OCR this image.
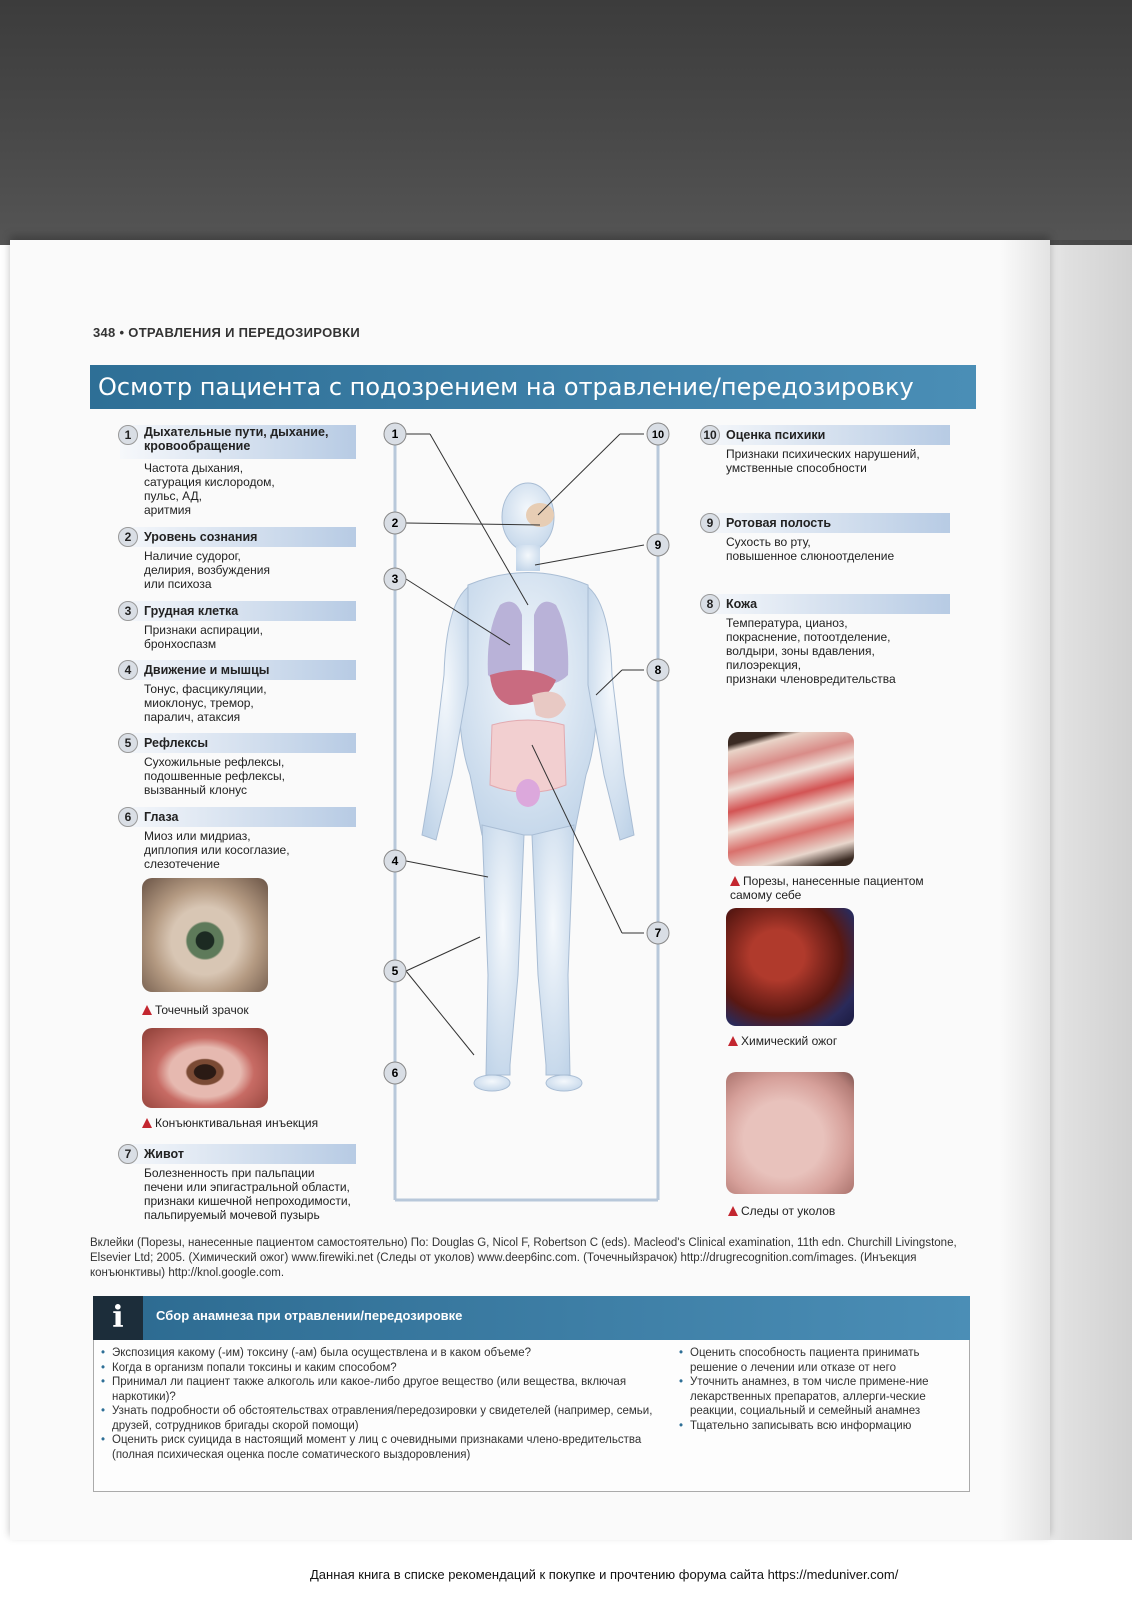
348 • ОТРАВЛЕНИЯ И ПЕРЕДОЗИРОВКИ
Осмотр пациента с подозрением на отравление/передозировку
1	Дыхательные пути, дыхание, кровообращение
Частота дыхания,
сатурация кислородом,
пульс, АД,
аритмия
2	Уровень сознания
Наличие судорог,
делирия, возбуждения
или психоза
3	Грудная клетка
Признаки аспирации,
бронхоспазм
4	Движение и мышцы
Тонус, фасцикуляции,
миоклонус, тремор,
паралич, атаксия
5	Рефлексы
Сухожильные рефлексы,
подошвенные рефлексы,
вызванный клонус
6	Глаза
Миоз или мидриаз,
диплопия или косоглазие,
слезотечение
7	Живот
Болезненность при пальпации
печени или эпигастральной области,
признаки кишечной непроходимости,
пальпируемый мочевой пузырь
10 Оценка психики
Признаки психических нарушений,
умственные способности
9	Ротовая полость
Сухость во рту,
повышенное слюноотделение
8	Кожа
Температура, цианоз,
покраснение, потоотделение,
волдыри, зоны вдавления,
пилоэрекция,
признаки членовредительства
1
2
3
4
5
6
10
9
8
7
Точечный зрачок
Конъюнктивальная инъекция
Порезы, нанесенные пациентом
самому себе
Химический ожог
Следы от уколов
Вклейки (Порезы, нанесенные пациентом самостоятельно) По: Douglas G, Nicol F, Robertson C (eds). Macleod's Clinical examination, 11th edn. Churchill Livingstone, Elsevier Ltd; 2005. (Химический ожог) www.firewiki.net (Следы от уколов) www.deep6inc.com. (Точечныйзрачок) http://drugrecognition.com/images. (Инъекция конъюнктивы) http://knol.google.com.
i	Сбор анамнеза при отравлении/передозировке
• Экспозиция какому (-им) токсину (-ам) была осуществлена и в каком объеме?
• Когда в организм попали токсины и каким способом?
• Принимал ли пациент также алкоголь или какое-либо другое вещество (или вещества, включая наркотики)?
• Узнать подробности об обстоятельствах отравления/передозировки у свидетелей (например, семьи, друзей, сотрудников бригады скорой помощи)
• Оценить риск суицида в настоящий момент у лиц с очевидными признаками члено-вредительства (полная психическая оценка после соматического выздоровления)
• Оценить способность пациента принимать решение о лечении или отказе от него
• Уточнить анамнез, в том числе примене-ние лекарственных препаратов, аллерги-ческие реакции, социальный и семейный анамнез
• Тщательно записывать всю информацию
Данная книга в списке рекомендаций к покупке и прочтению форума сайта https://meduniver.com/
